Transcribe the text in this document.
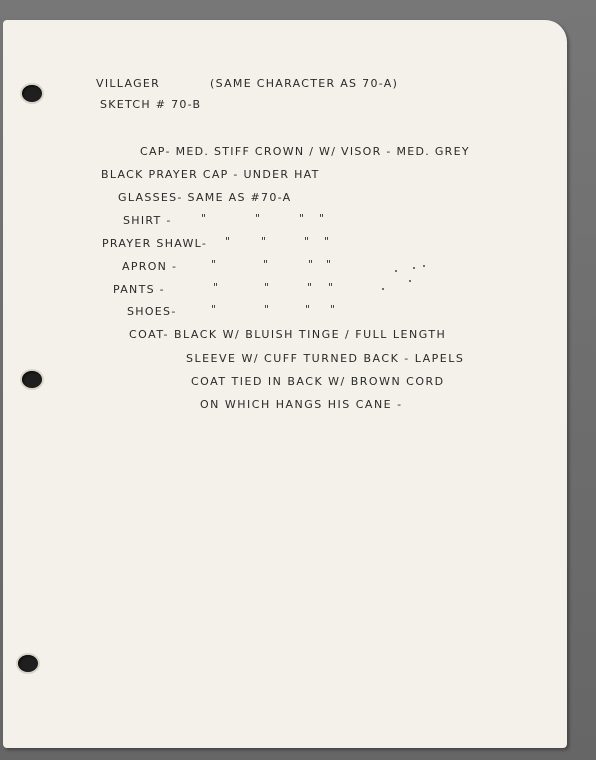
VILLAGER	(SAME CHARACTER AS 70-A)
SKETCH # 70-B
CAP- MED. STIFF CROWN / W/ VISOR - MED. GREY
BLACK PRAYER CAP - UNDER HAT
GLASSES- SAME AS #70-A
SHIRT -	"	"	" "
PRAYER SHAWL- "	"	" "
APRON -	"	"	" "
PANTS -	"	"	" "
SHOES-	"	"	" "
COAT- BLACK W/ BLUISH TINGE / FULL LENGTH
SLEEVE W/ CUFF TURNED BACK - LAPELS
COAT TIED IN BACK W/ BROWN CORD
ON WHICH HANGS HIS CANE -
